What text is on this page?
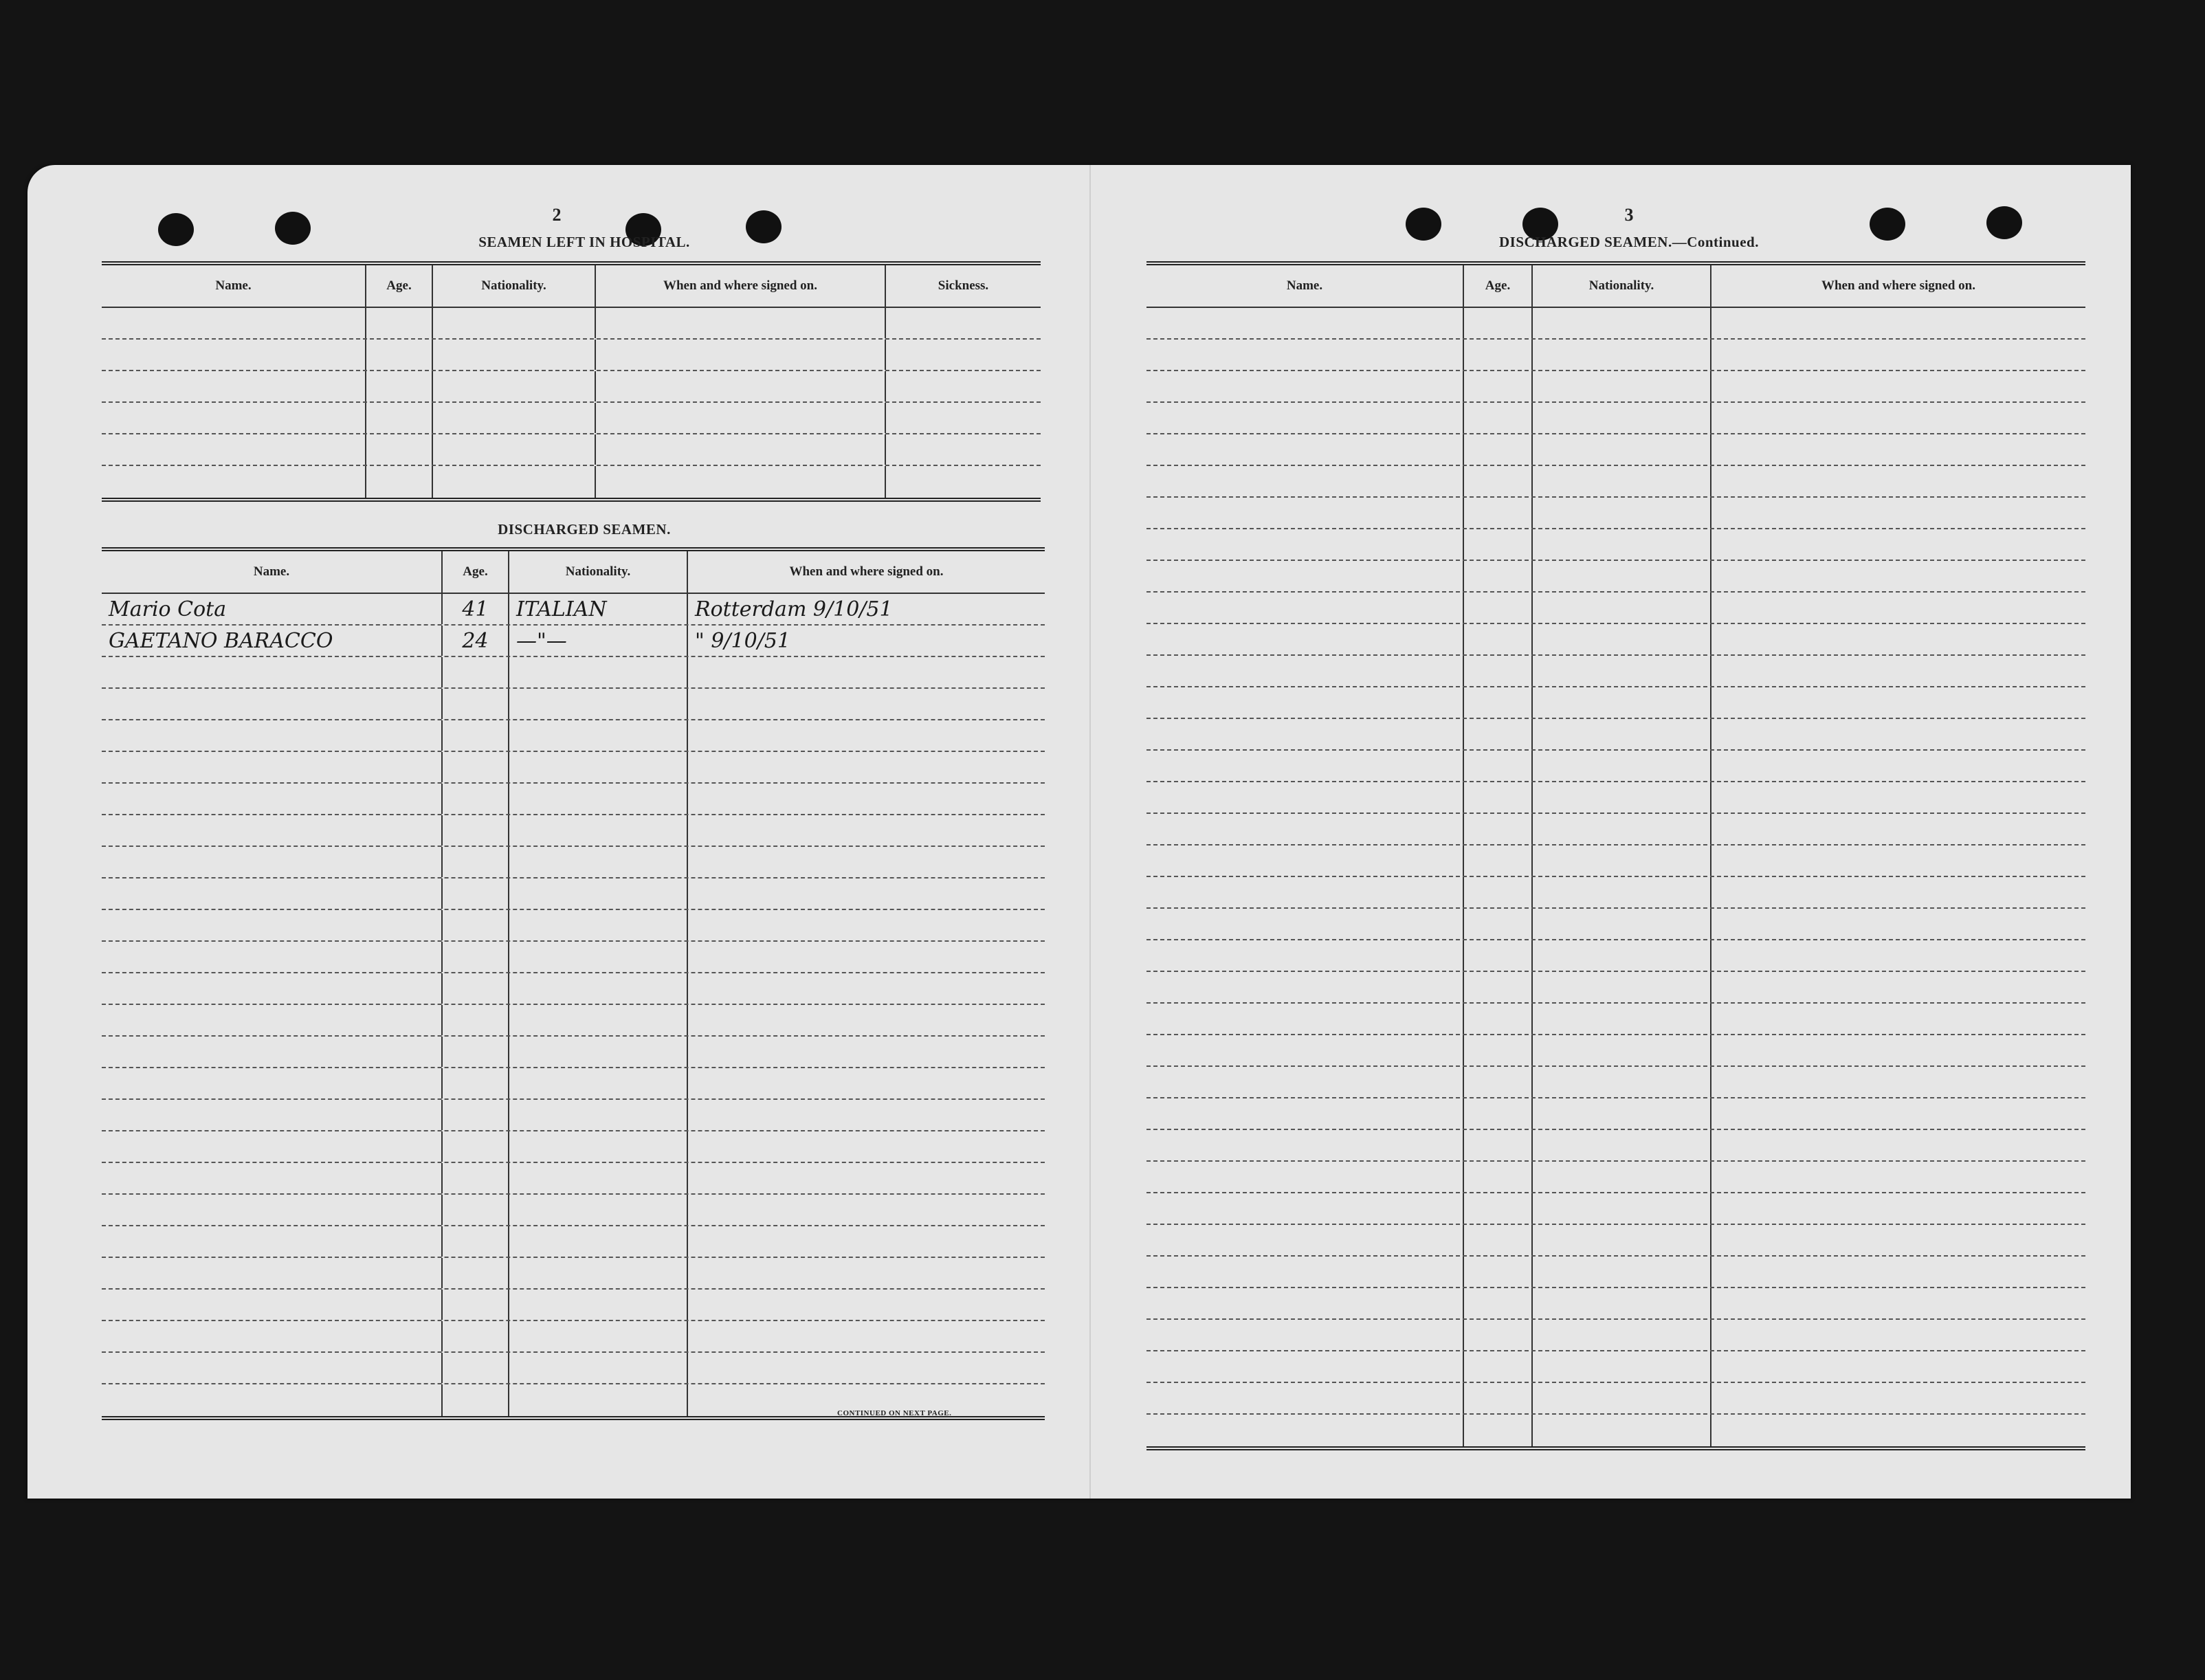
2
SEAMEN LEFT IN HOSPITAL.
Name.	Age.	Nationality.	When and where signed on.	Sickness.
DISCHARGED SEAMEN.
Name.	Age.	Nationality.	When and where signed on.
Mario Cota	41	ITALIAN	Rotterdam 9/10/51
GAETANO BARACCO	24	—"—	" 9/10/51
CONTINUED ON NEXT PAGE.
3
DISCHARGED SEAMEN.—Continued.
Name.	Age.	Nationality.	When and where signed on.
